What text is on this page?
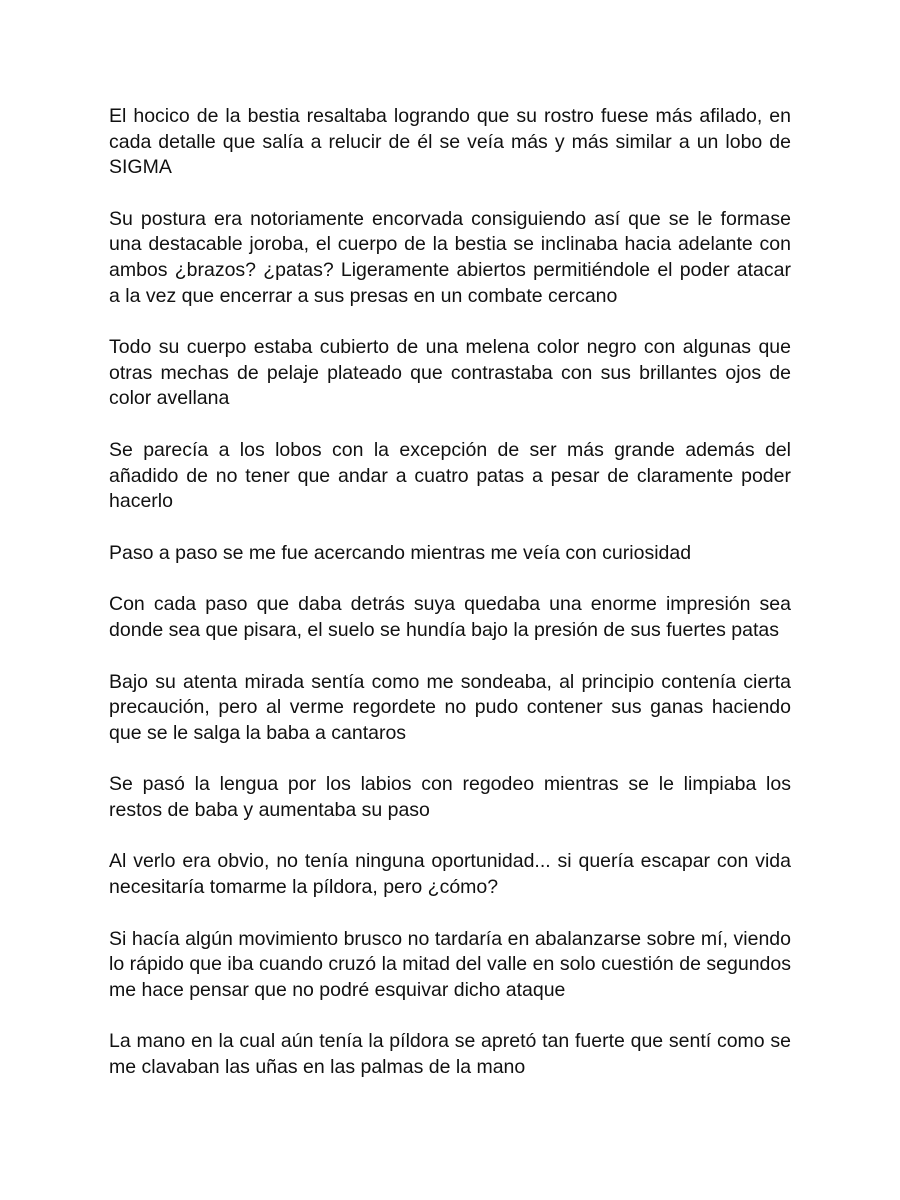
El hocico de la bestia resaltaba logrando que su rostro fuese más afilado, en cada detalle que salía a relucir de él se veía más y más similar a un lobo de SIGMA

Su postura era notoriamente encorvada consiguiendo así que se le formase una destacable joroba, el cuerpo de la bestia se inclinaba hacia adelante con ambos ¿brazos? ¿patas? Ligeramente abiertos permitiéndole el poder atacar a la vez que encerrar a sus presas en un combate cercano

Todo su cuerpo estaba cubierto de una melena color negro con algunas que otras mechas de pelaje plateado que contrastaba con sus brillantes ojos de color avellana

Se parecía a los lobos con la excepción de ser más grande además del añadido de no tener que andar a cuatro patas a pesar de claramente poder hacerlo

Paso a paso se me fue acercando mientras me veía con curiosidad

Con cada paso que daba detrás suya quedaba una enorme impresión sea donde sea que pisara, el suelo se hundía bajo la presión de sus fuertes patas

Bajo su atenta mirada sentía como me sondeaba, al principio contenía cierta precaución, pero al verme regordete no pudo contener sus ganas haciendo que se le salga la baba a cantaros

Se pasó la lengua por los labios con regodeo mientras se le limpiaba los restos de baba y aumentaba su paso

Al verlo era obvio, no tenía ninguna oportunidad... si quería escapar con vida necesitaría tomarme la píldora, pero ¿cómo?

Si hacía algún movimiento brusco no tardaría en abalanzarse sobre mí, viendo lo rápido que iba cuando cruzó la mitad del valle en solo cuestión de segundos me hace pensar que no podré esquivar dicho ataque

La mano en la cual aún tenía la píldora se apretó tan fuerte que sentí como se me clavaban las uñas en las palmas de la mano
